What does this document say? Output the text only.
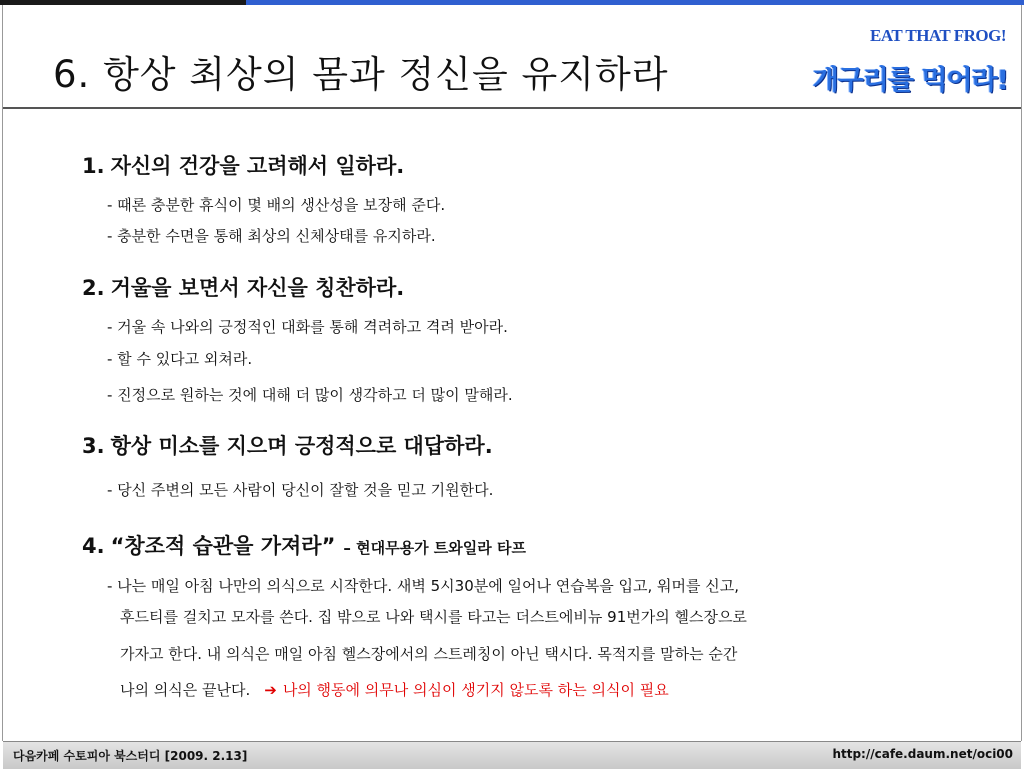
6. 항상 최상의 몸과 정신을 유지하라
EAT THAT FROG!
개구리를 먹어라!

1. 자신의 건강을 고려해서 일하라.

- 때론 충분한 휴식이 몇 배의 생산성을 보장해 준다.

- 충분한 수면을 통해 최상의 신체상태를 유지하라.

2. 거울을 보면서 자신을 칭찬하라.

- 거울 속 나와의 긍정적인 대화를 통해 격려하고 격려 받아라.

- 할 수 있다고 외쳐라.

- 진정으로 원하는 것에 대해 더 많이 생각하고 더 많이 말해라.

3. 항상 미소를 지으며 긍정적으로 대답하라.

- 당신 주변의 모든 사람이 당신이 잘할 것을 믿고 기원한다.

4. “창조적 습관을 가져라” – 현대무용가 트와일라 타프

- 나는 매일 아침 나만의 의식으로 시작한다. 새벽 5시30분에 일어나 연습복을 입고, 워머를 신고,

후드티를 걸치고 모자를 쓴다. 집 밖으로 나와 택시를 타고는 더스트에비뉴 91번가의 헬스장으로

가자고 한다. 내 의식은 매일 아침 헬스장에서의 스트레칭이 아닌 택시다. 목적지를 말하는 순간

나의 의식은 끝난다. ➔ 나의 행동에 의무나 의심이 생기지 않도록 하는 의식이 필요

다음카페 수토피아 북스터디 [2009. 2.13]	http://cafe.daum.net/oci00
